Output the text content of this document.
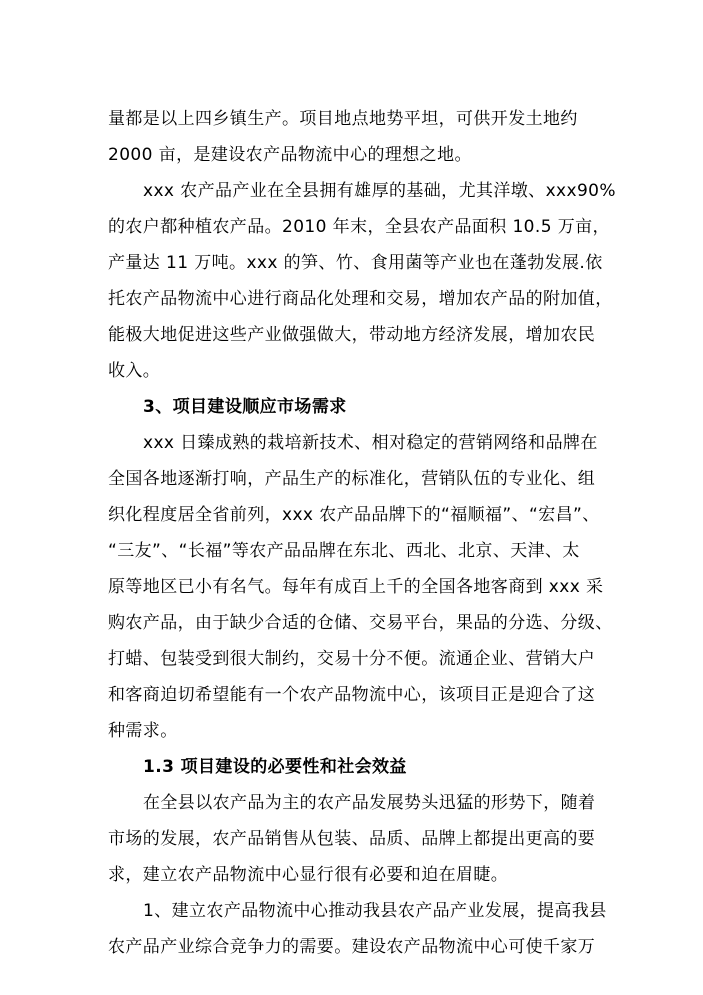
量都是以上四乡镇生产。项目地点地势平坦，可供开发土地约
2000 亩，是建设农产品物流中心的理想之地。
xxx 农产品产业在全县拥有雄厚的基础，尤其洋墩、xxx90%
的农户都种植农产品。2010 年末，全县农产品面积 10.5 万亩，
产量达 11 万吨。xxx 的笋、竹、食用菌等产业也在蓬勃发展.依
托农产品物流中心进行商品化处理和交易，增加农产品的附加值，
能极大地促进这些产业做强做大，带动地方经济发展，增加农民
收入。
3、项目建设顺应市场需求
xxx 日臻成熟的栽培新技术、相对稳定的营销网络和品牌在
全国各地逐渐打响，产品生产的标准化，营销队伍的专业化、组
织化程度居全省前列，xxx 农产品品牌下的“福顺福”、“宏昌”、
“三友”、“长福”等农产品品牌在东北、西北、北京、天津、太
原等地区已小有名气。每年有成百上千的全国各地客商到 xxx 采
购农产品，由于缺少合适的仓储、交易平台，果品的分选、分级、
打蜡、包装受到很大制约，交易十分不便。流通企业、营销大户
和客商迫切希望能有一个农产品物流中心，该项目正是迎合了这
种需求。
1.3 项目建设的必要性和社会效益
在全县以农产品为主的农产品发展势头迅猛的形势下，随着
市场的发展，农产品销售从包装、品质、品牌上都提出更高的要
求，建立农产品物流中心显行很有必要和迫在眉睫。
1、建立农产品物流中心推动我县农产品产业发展，提高我县
农产品产业综合竞争力的需要。建设农产品物流中心可使千家万
